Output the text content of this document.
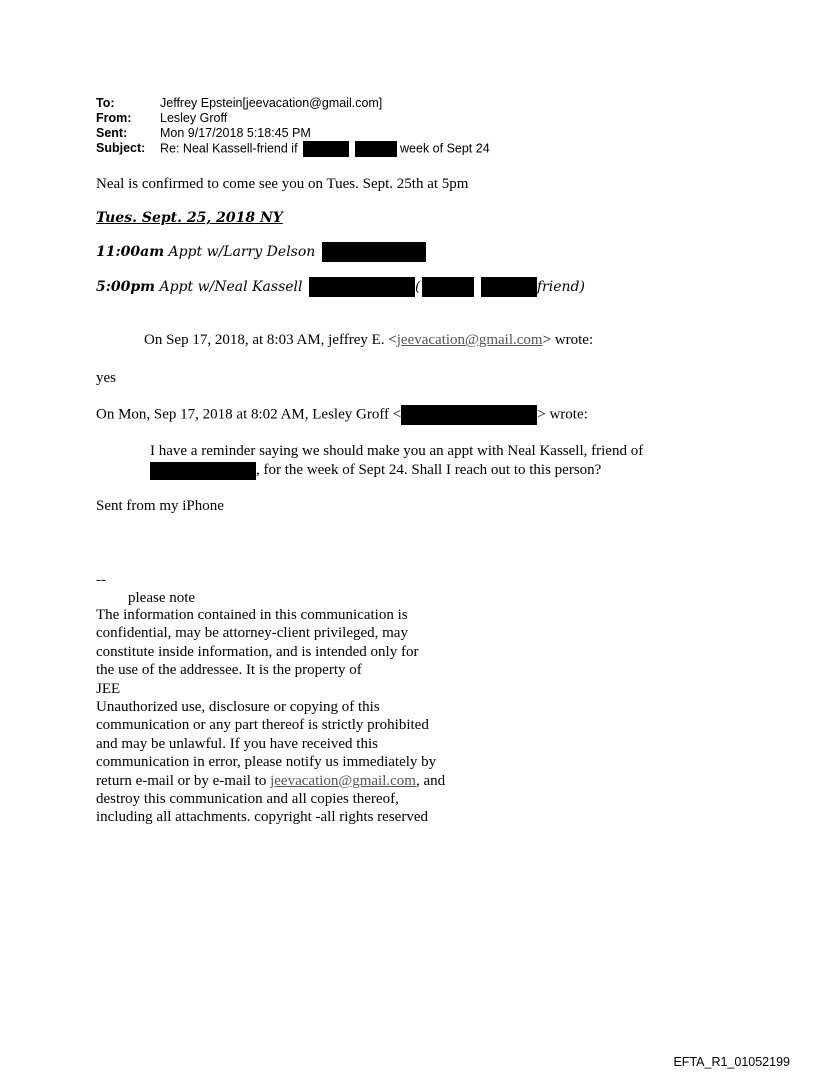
To:	Jeffrey Epstein[jeevacation@gmail.com]
From: Lesley Groff
Sent:	Mon 9/17/2018 5:18:45 PM
Subject: Re: Neal Kassell-friend if	week of Sept 24
Neal is confirmed to come see you on Tues. Sept. 25th at 5pm
Tues. Sept. 25, 2018 NY
11:00am Appt w/Larry Delson
5:00pm Appt w/Neal Kassell	(	friend)
On Sep 17, 2018, at 8:03 AM, jeffrey E. <jeevacation@gmail.com> wrote:
yes
On Mon, Sep 17, 2018 at 8:02 AM, Lesley Groff <	> wrote:
I have a reminder saying we should make you an appt with Neal Kassell, friend of
, for the week of Sept 24. Shall I reach out to this person?
Sent from my iPhone
--
please note
The information contained in this communication is
confidential, may be attorney-client privileged, may
constitute inside information, and is intended only for
the use of the addressee. It is the property of
JEE
Unauthorized use, disclosure or copying of this
communication or any part thereof is strictly prohibited
and may be unlawful. If you have received this
communication in error, please notify us immediately by
return e-mail or by e-mail to jeevacation@gmail.com, and
destroy this communication and all copies thereof,
including all attachments. copyright -all rights reserved
EFTA_R1_01052199
